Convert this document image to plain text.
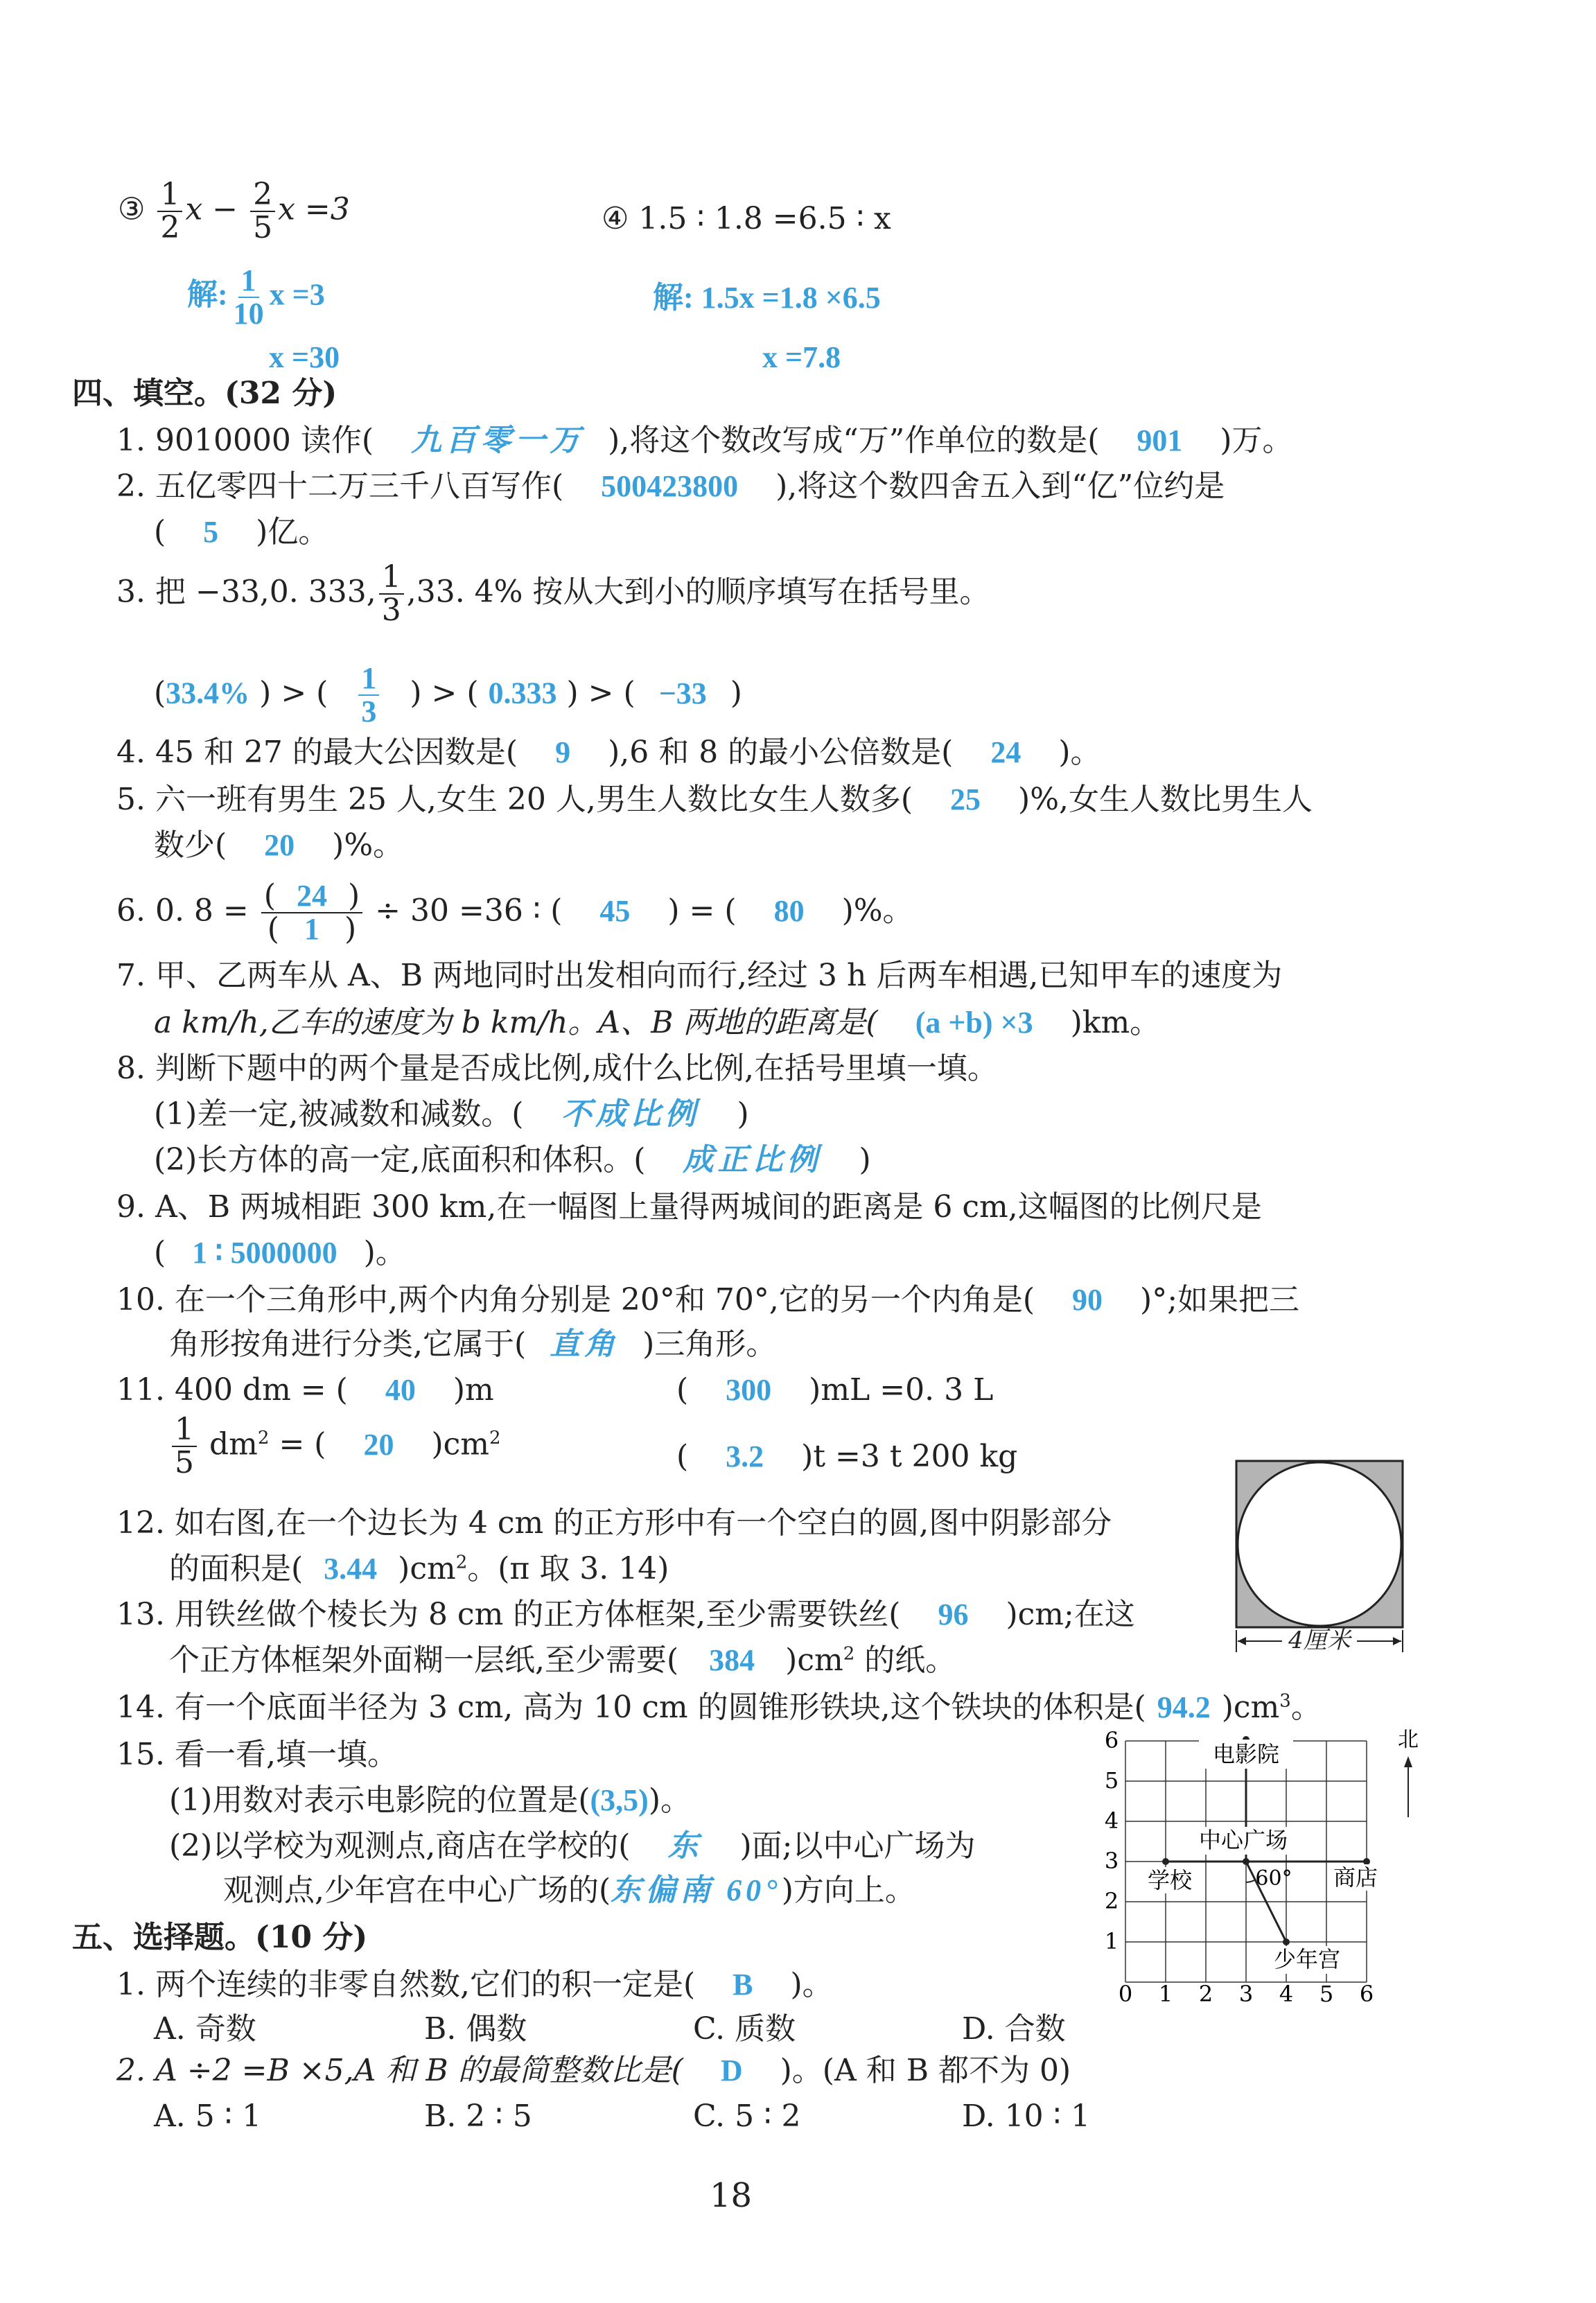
③ $\frac{1}{2}$ $x - \frac{2}{5}$ x =3
解: $\frac{1}{10}$ x =3
x =30
④ 1.5 ∶ 1.8 =6.5 ∶ x
解: 1.5x =1.8 ×6.5
x =7.8
四、填空。(32 分)
1. 9010000 读作( 九百零一万 ),将这个数改写成“万”作单位的数是( 901 )万。
2. 五亿零四十二万三千八百写作( 500423800 ),将这个数四舍五入到“亿”位约是
( 5 )亿。
3. 把 −33,0. 333, $\frac{1}{3} ,33$. 4% 按从大到小的顺序填写在括号里。
(33.4% ) > ( $\frac{1}{3}$ ) > ( 0.333 ) > ( −33 )
4. 45 和 27 的最大公因数是( 9 ),6 和 8 的最小公倍数是( 24 )。
5. 六一班有男生 25 人,女生 20 人,男生人数比女生人数多( 25 )%,女生人数比男生人
数少( 20 )%。
6. 0. $8 = \frac{( 24 )}{( 1 )} \div 30 =36$ ∶ ( 45 ) = ( 80 )%。
7. 甲、乙两车从 A、B 两地同时出发相向而行,经过 3 h 后两车相遇,已知甲车的速度为
a km/h,乙车的速度为 b km/h。A、B 两地的距离是( (a +b) ×3 )km。
8. 判断下题中的两个量是否成比例,成什么比例,在括号里填一填。
(1)差一定,被减数和减数。( 不成比例 )
(2)长方体的高一定,底面积和体积。( 成正比例 )
9. A、B 两城相距 300 km,在一幅图上量得两城间的距离是 6 cm,这幅图的比例尺是
( 1 ∶ 5000000 )。
10. 在一个三角形中,两个内角分别是 20°和 70°,它的另一个内角是( 90 )°;如果把三
角形按角进行分类,它属于( 直角 )三角形。
11. 400 dm = ( 40 )m	( 300 )mL =0. 3 L
$\frac{1}{5} dm^2$ = ( 20 )$cm^2$
( 3.2 )t =3 t 200 kg
12. 如右图,在一个边长为 4 cm 的正方形中有一个空白的圆,图中阴影部分
的面积是( 3.44 )$cm^2$。(π 取 3. 14)
13. 用铁丝做个棱长为 8 cm 的正方体框架,至少需要铁丝( 96 )cm;在这
个正方体框架外面糊一层纸,至少需要( 384 )$cm^2$ 的纸。
14. 有一个底面半径为 3 cm, 高为 10 cm 的圆锥形铁块,这个铁块的体积是( 94.2 )$cm^3$。
15. 看一看,填一填。
(1)用数对表示电影院的位置是((3,5))。
(2)以学校为观测点,商店在学校的( 东 )面;以中心广场为
观测点,少年宫在中心广场的(东偏南 60°)方向上。
4厘米
0 1 2 3 4 5 6
1
2
3
4
5
6
电影院
中心广场
学校	商店
60°
少年宫
北
五、选择题。(10 分)
1. 两个连续的非零自然数,它们的积一定是( B )。
A. 奇数	B. 偶数	C. 质数	D. 合数
2. A ÷2 =B ×5,A 和 B 的最简整数比是( D )。(A 和 B 都不为 0)
A. 5 ∶ 1	B. 2 ∶ 5	C. 5 ∶ 2	D. 10 ∶ 1
18
